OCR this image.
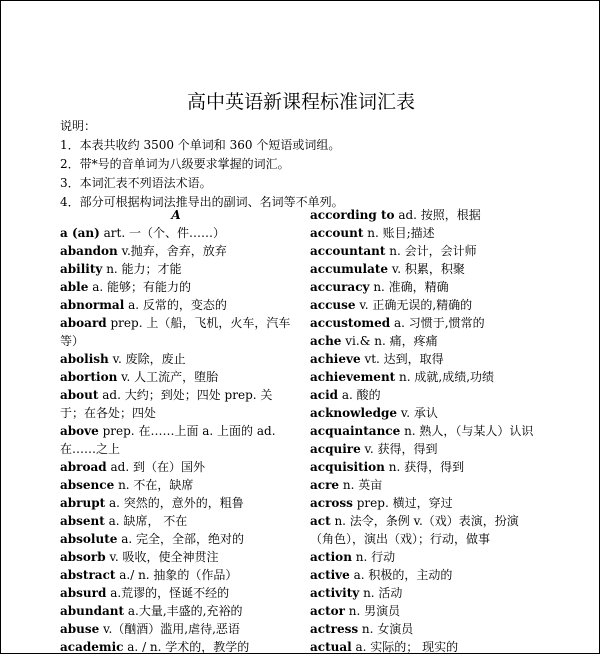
高中英语新课程标准词汇表
说明：
1．本表共收约 3500 个单词和 360 个短语或词组。
2．带*号的音单词为八级要求掌握的词汇。
3．本词汇表不列语法术语。
4．部分可根据构词法推导出的副词、名词等不单列。
A
a (an) art. 一（个、件……）
abandon v.抛弃，舍弃，放弃
ability n. 能力；才能
able a. 能够；有能力的
abnormal a. 反常的，变态的
aboard prep. 上（船，飞机，火车，汽车等）
abolish v. 废除，废止
abortion v. 人工流产，堕胎
about ad. 大约；到处；四处 prep. 关于；在各处；四处
above prep. 在……上面 a. 上面的 ad. 在……之上
abroad ad. 到（在）国外
absence n. 不在，缺席
abrupt a. 突然的，意外的，粗鲁
absent a. 缺席， 不在
absolute a. 完全，全部，绝对的
absorb v. 吸收，使全神贯注
abstract a./ n. 抽象的（作品）
absurd a.荒谬的，怪诞不经的
abundant a.大量,丰盛的,充裕的
abuse v.（酗酒）滥用,虐待,恶语
academic a. / n. 学术的，教学的
according to ad. 按照，根据
account n. 账目;描述
accountant n. 会计，会计师
accumulate v. 积累，积聚
accuracy n. 准确，精确
accuse v. 正确无误的,精确的
accustomed a. 习惯于,惯常的
ache vi.& n. 痛，疼痛
achieve vt. 达到，取得
achievement n. 成就,成绩,功绩
acid a. 酸的
acknowledge v. 承认
acquaintance n. 熟人，（与某人）认识
acquire v. 获得，得到
acquisition n. 获得，得到
acre n. 英亩
across prep. 横过，穿过
act n. 法令，条例 v.（戏）表演，扮演（角色），演出（戏）；行动，做事
action n. 行动
active a. 积极的，主动的
activity n. 活动
actor n. 男演员
actress n. 女演员
actual a. 实际的； 现实的
